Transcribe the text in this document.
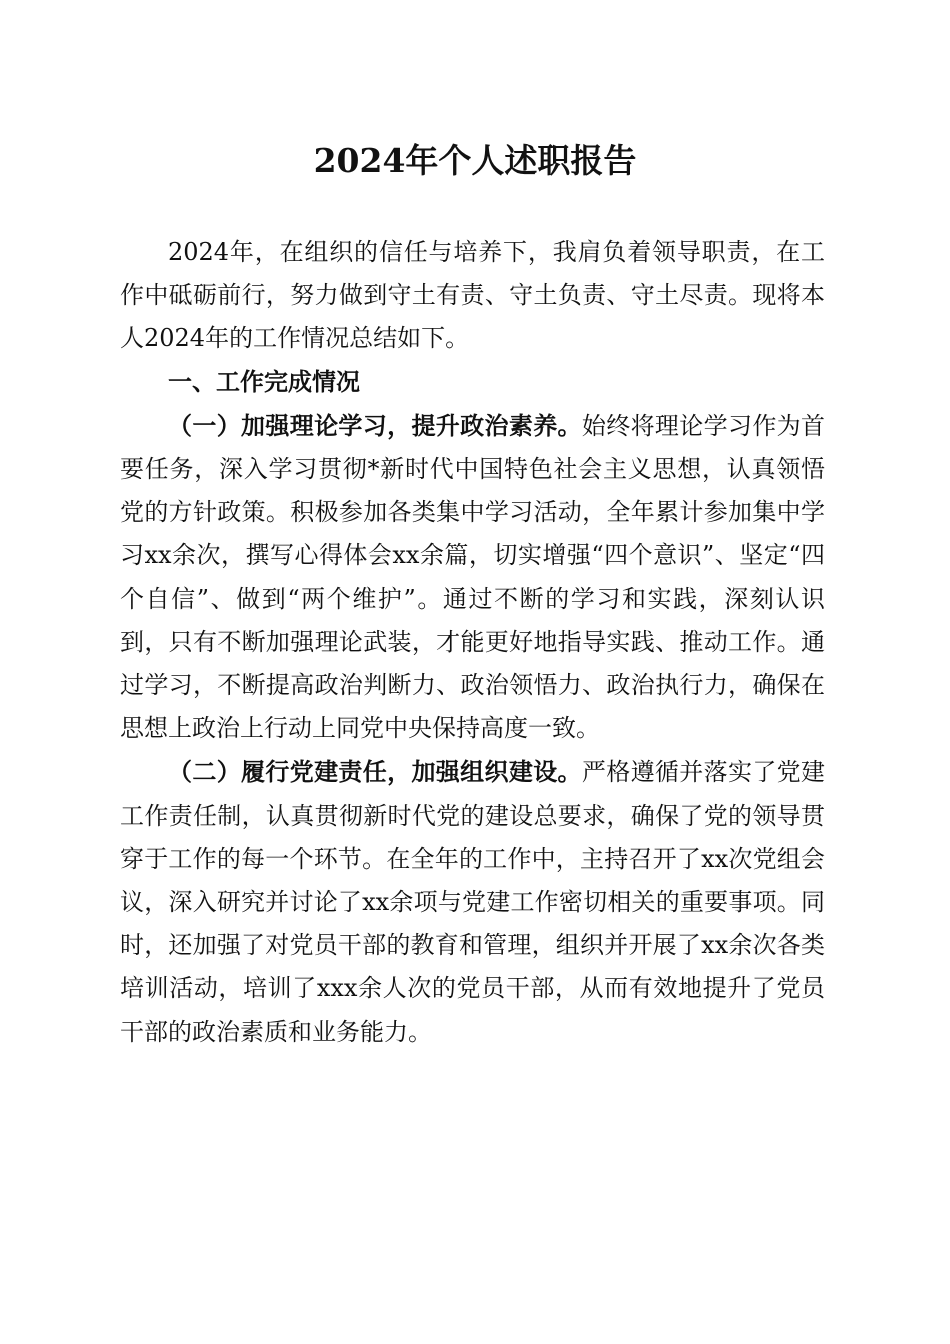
2024年个人述职报告

2024年，在组织的信任与培养下，我肩负着领导职责，在工作中砥砺前行，努力做到守土有责、守土负责、守土尽责。现将本人2024年的工作情况总结如下。

一、工作完成情况

（一）加强理论学习，提升政治素养。始终将理论学习作为首要任务，深入学习贯彻*新时代中国特色社会主义思想，认真领悟党的方针政策。积极参加各类集中学习活动，全年累计参加集中学习xx余次，撰写心得体会xx余篇，切实增强“四个意识”、坚定“四个自信”、做到“两个维护”。通过不断的学习和实践，深刻认识到，只有不断加强理论武装，才能更好地指导实践、推动工作。通过学习，不断提高政治判断力、政治领悟力、政治执行力，确保在思想上政治上行动上同党中央保持高度一致。

（二）履行党建责任，加强组织建设。严格遵循并落实了党建工作责任制，认真贯彻新时代党的建设总要求，确保了党的领导贯穿于工作的每一个环节。在全年的工作中，主持召开了xx次党组会议，深入研究并讨论了xx余项与党建工作密切相关的重要事项。同时，还加强了对党员干部的教育和管理，组织并开展了xx余次各类培训活动，培训了xxx余人次的党员干部，从而有效地提升了党员干部的政治素质和业务能力。
